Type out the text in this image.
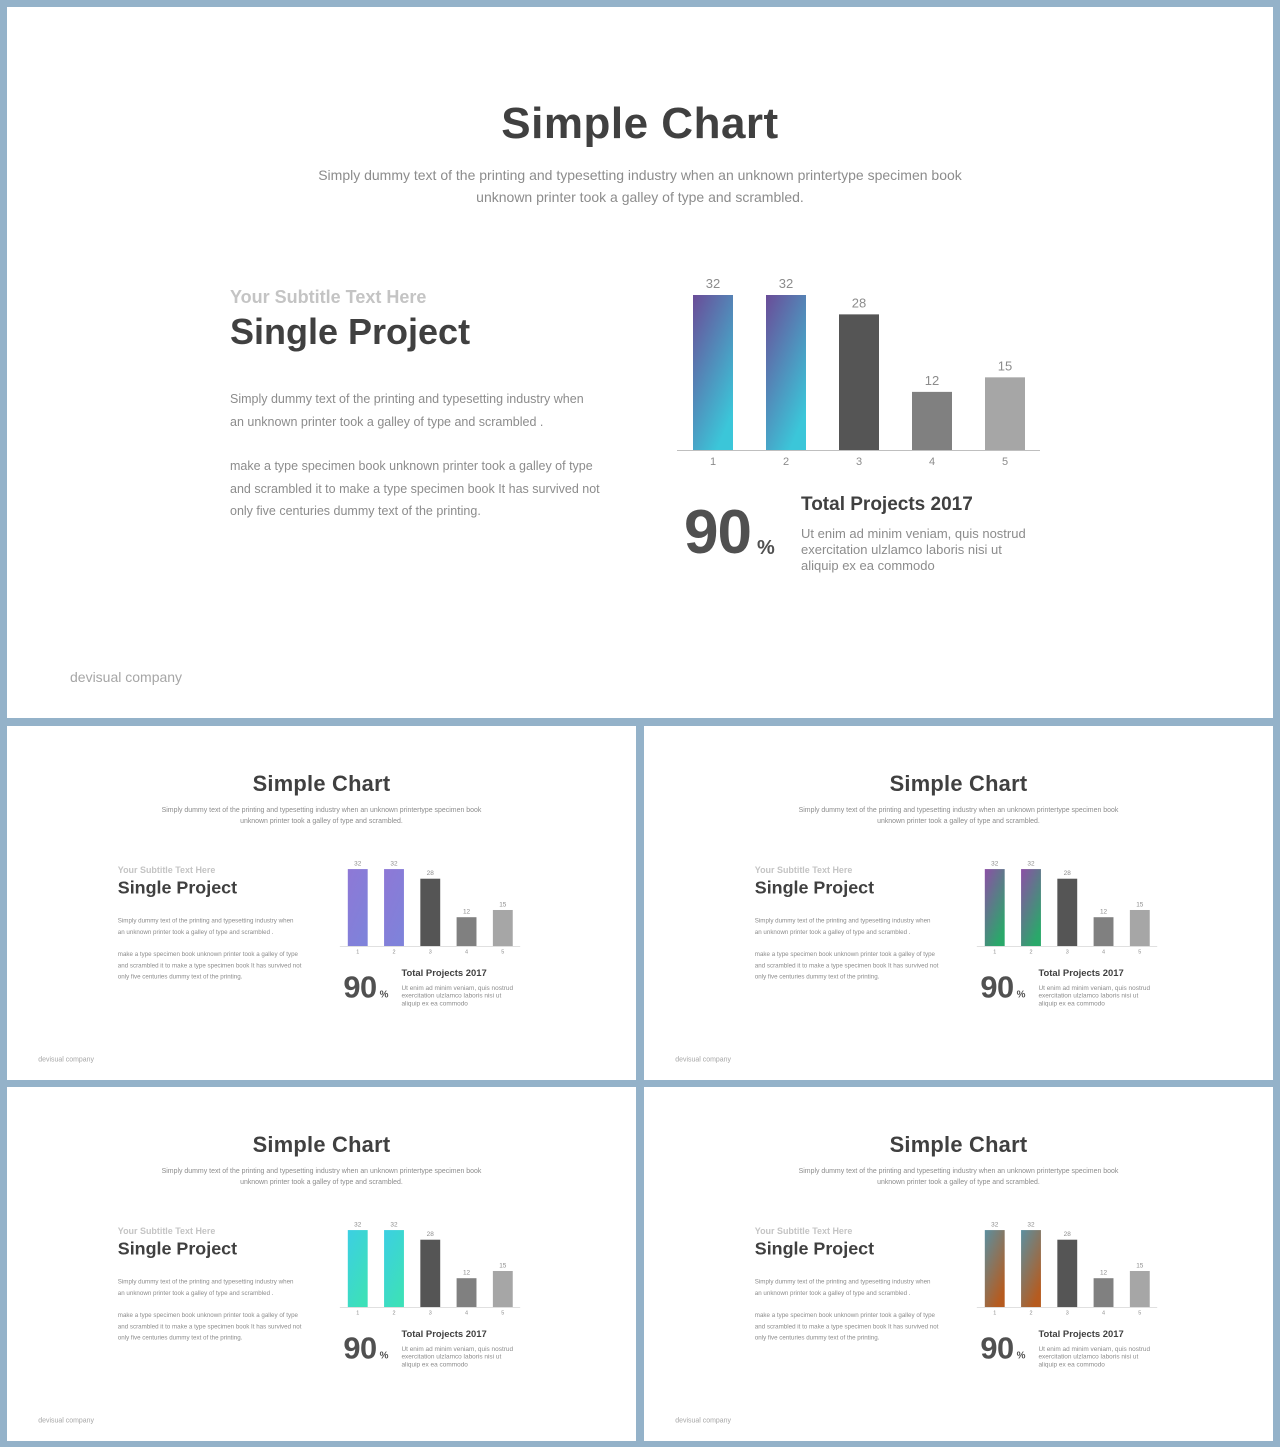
Simple Chart

Simply dummy text of the printing and typesetting industry when an unknown printertype specimen book

unknown printer took a galley of type and scrambled.

Your Subtitle Text Here
Single Project
Simply dummy text of the printing and typesetting industry when an unknown printer took a galley of type and scrambled .
make a type specimen book unknown printer took a galley of type and scrambled it to make a type specimen book It has survived not only five centuries dummy text of the printing.
32
1
32
2
28
3
12
4
15
5
90 %
Total Projects 2017
Ut enim ad minim veniam, quis nostrud exercitation ulzlamco laboris nisi ut aliquip ex ea commodo
devisual company
Simple Chart

Simply dummy text of the printing and typesetting industry when an unknown printertype specimen book

unknown printer took a galley of type and scrambled.

Your Subtitle Text Here
Single Project
Simply dummy text of the printing and typesetting industry when an unknown printer took a galley of type and scrambled .
make a type specimen book unknown printer took a galley of type and scrambled it to make a type specimen book It has survived not only five centuries dummy text of the printing.
32
1
32
2
28
3
12
4
15
5
90 %
Total Projects 2017
Ut enim ad minim veniam, quis nostrud exercitation ulzlamco laboris nisi ut aliquip ex ea commodo
devisual company
Simple Chart

Simply dummy text of the printing and typesetting industry when an unknown printertype specimen book

unknown printer took a galley of type and scrambled.

Your Subtitle Text Here
Single Project
Simply dummy text of the printing and typesetting industry when an unknown printer took a galley of type and scrambled .
make a type specimen book unknown printer took a galley of type and scrambled it to make a type specimen book It has survived not only five centuries dummy text of the printing.
32
1
32
2
28
3
12
4
15
5
90 %
Total Projects 2017
Ut enim ad minim veniam, quis nostrud exercitation ulzlamco laboris nisi ut aliquip ex ea commodo
devisual company
Simple Chart

Simply dummy text of the printing and typesetting industry when an unknown printertype specimen book

unknown printer took a galley of type and scrambled.

Your Subtitle Text Here
Single Project
Simply dummy text of the printing and typesetting industry when an unknown printer took a galley of type and scrambled .
make a type specimen book unknown printer took a galley of type and scrambled it to make a type specimen book It has survived not only five centuries dummy text of the printing.
32
1
32
2
28
3
12
4
15
5
90 %
Total Projects 2017
Ut enim ad minim veniam, quis nostrud exercitation ulzlamco laboris nisi ut aliquip ex ea commodo
devisual company
Simple Chart

Simply dummy text of the printing and typesetting industry when an unknown printertype specimen book

unknown printer took a galley of type and scrambled.

Your Subtitle Text Here
Single Project
Simply dummy text of the printing and typesetting industry when an unknown printer took a galley of type and scrambled .
make a type specimen book unknown printer took a galley of type and scrambled it to make a type specimen book It has survived not only five centuries dummy text of the printing.
32
1
32
2
28
3
12
4
15
5
90 %
Total Projects 2017
Ut enim ad minim veniam, quis nostrud exercitation ulzlamco laboris nisi ut aliquip ex ea commodo
devisual company
